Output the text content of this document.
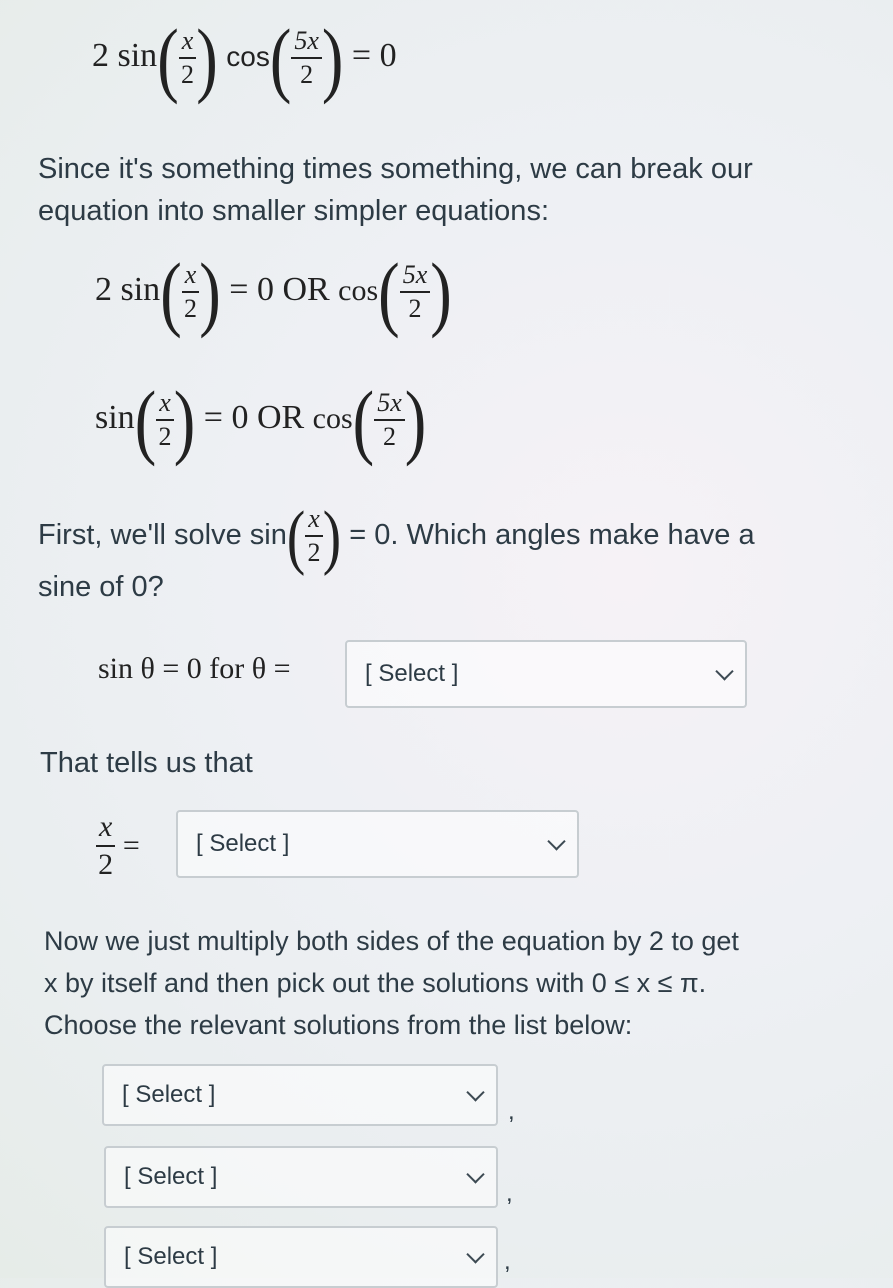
2 $\sin( \frac{x}{2}$ ) $\cos( \frac{5x}{2}$ ) = 0
Since it's something times something, we can break our
equation into smaller simpler equations:
2 $\sin( \frac{x}{2}$ ) = 0 OR $\cos( \frac{5x}{2}$ )
$\sin( \frac{x}{2}$ ) = 0 OR $\cos( \frac{5x}{2}$ )
First, we'll solve $\sin( \frac{x}{2}$ ) = 0. Which angles make have a
sine of 0?
sin θ = 0 for θ =	[ Select ]
That tells us that
$\frac{x}{2}$ = [ Select ]
Now we just multiply both sides of the equation by 2 to get
x by itself and then pick out the solutions with 0 ≤ x ≤ π.
Choose the relevant solutions from the list below:
[ Select ]
,
[ Select ]
,
[ Select ]	,
